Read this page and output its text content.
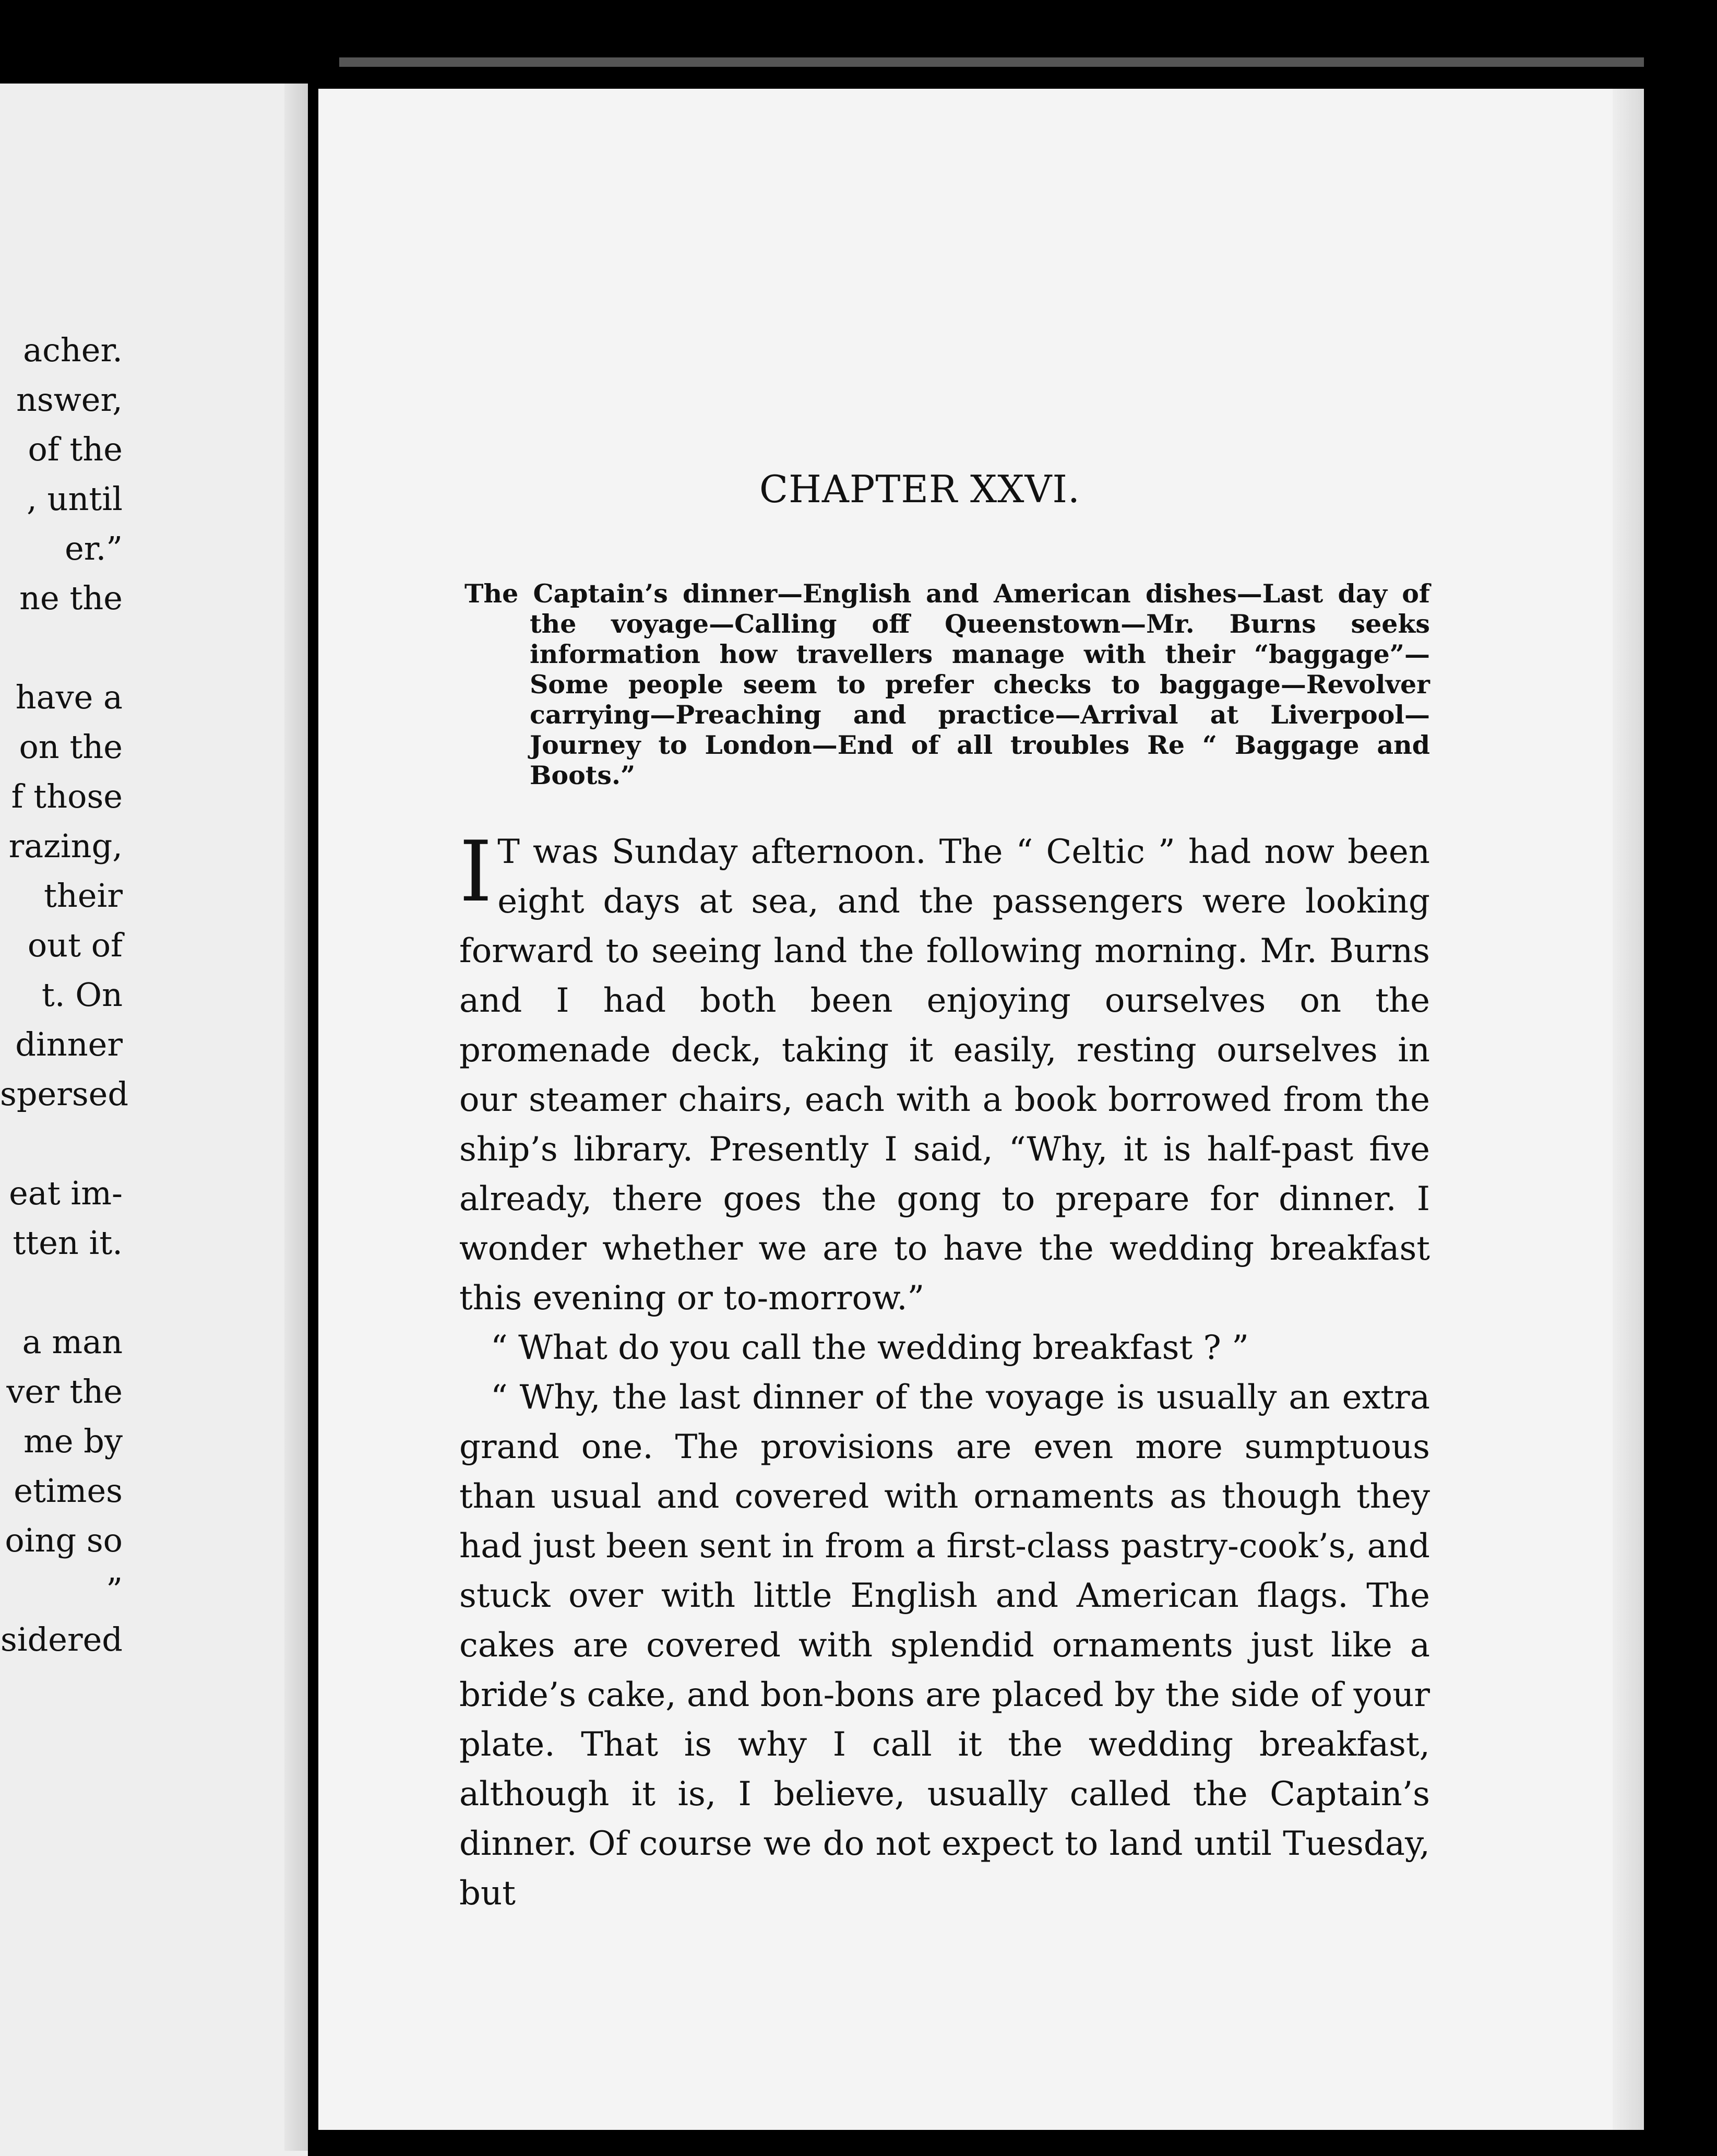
CHAPTER XXVI.
The Captain’s dinner—English and American dishes—Last day of the voyage—Calling off Queenstown—Mr. Burns seeks information how travellers manage with their “baggage”—Some people seem to prefer checks to baggage—Revolver carrying—Preaching and practice—Arrival at Liverpool—Journey to London—End of all troubles Re “ Baggage and Boots.”

I T was Sunday afternoon. The “ Celtic ” had now been eight days at sea, and the passengers were looking forward to seeing land the following morning. Mr. Burns and I had both been enjoying ourselves on the promenade deck, taking it easily, resting ourselves in our steamer chairs, each with a book borrowed from the ship’s library. Presently I said, “Why, it is half-past five already, there goes the gong to prepare for dinner. I wonder whether we are to have the wedding breakfast this evening or to-morrow.”

“ What do you call the wedding breakfast ? ”

“ Why, the last dinner of the voyage is usually an extra grand one. The provisions are even more sumptuous than usual and covered with ornaments as though they had just been sent in from a first-class pastry-cook’s, and stuck over with little English and American flags. The cakes are covered with splendid ornaments just like a bride’s cake, and bon-bons are placed by the side of your plate. That is why I call it the wedding breakfast, although it is, I believe, usually called the Captain’s dinner. Of course we do not expect to land until Tuesday, but

acher.
nswer,
of the
, until
er.”
ne the
have a
on the
f those
razing,
their
out of
t. On
dinner
spersed
eat im-
tten it.
a man
ver the
me by
etimes
oing so
”
sidered
